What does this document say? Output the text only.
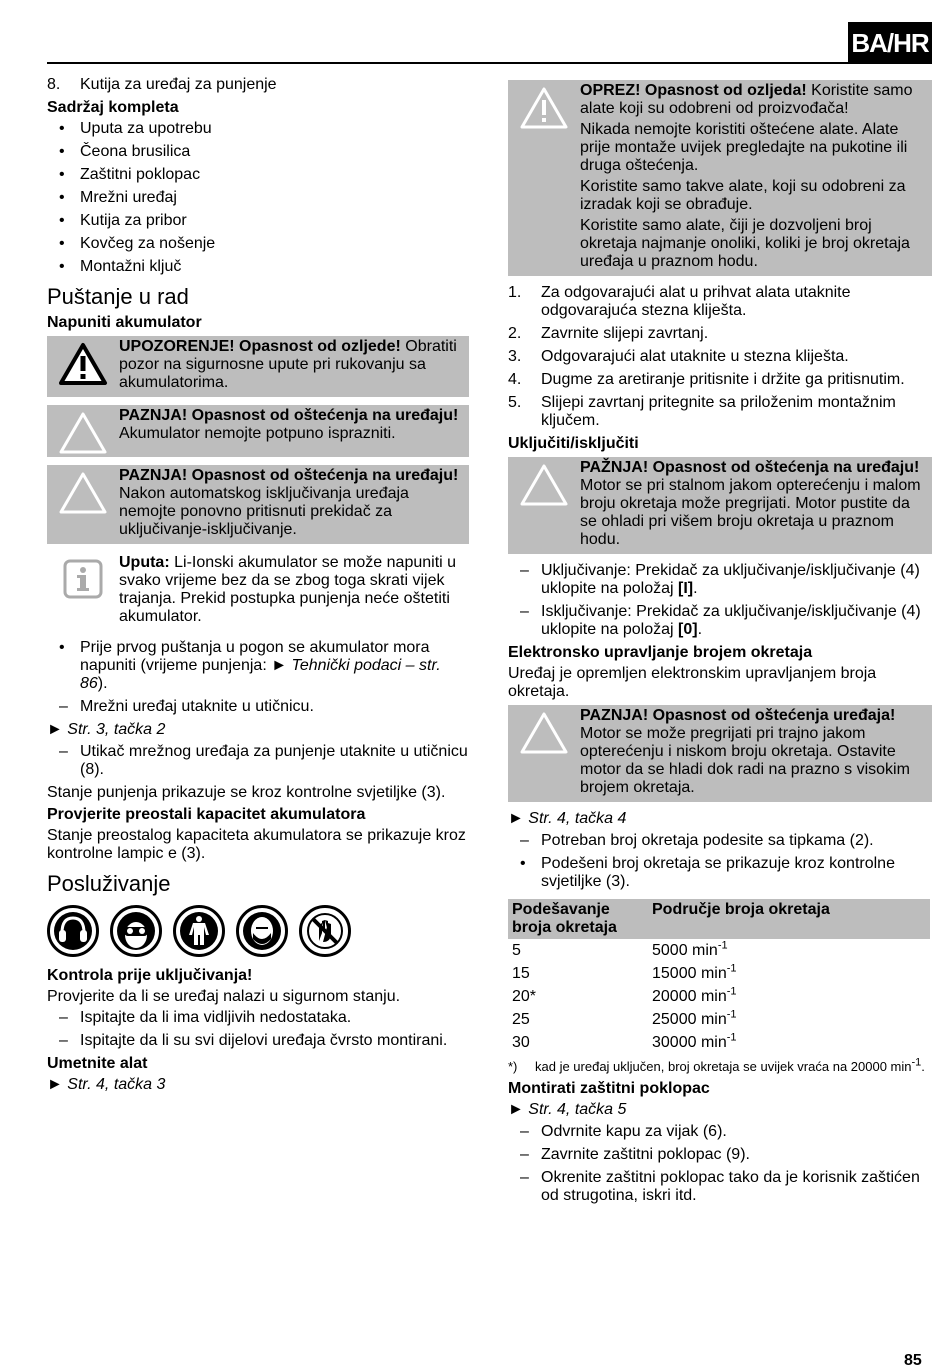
BA/HR
8.	Kutija za uređaj za punjenje
Sadržaj kompleta
• Uputa za upotrebu
• Čeona brusilica
• Zaštitni poklopac
• Mrežni uređaj
• Kutija za pribor
• Kovčeg za nošenje
• Montažni ključ
Puštanje u rad
Napuniti akumulator

UPOZORENJE! Opasnost od ozljede! Obratiti pozor na sigurnosne upute pri rukovanju sa akumulatorima.

PAZNJA! Opasnost od oštećenja na uređaju! Akumulator nemojte potpuno isprazniti.

PAZNJA! Opasnost od oštećenja na uređaju! Nakon automatskog isključivanja uređaja nemojte ponovno pritisnuti prekidač za uključivanje-isključivanje.

Uputa: Li-Ionski akumulator se može napuniti u svako vrijeme bez da se zbog toga skrati vijek trajanja. Prekid postupka punjenja neće oštetiti akumulator.

• Prije prvog puštanja u pogon se akumulator mora napuniti (vrijeme punjenja: ► Tehnički podaci – str. 86).
– Mrežni uređaj utaknite u utičnicu.
► Str. 3, tačka 2
– Utikač mrežnog uređaja za punjenje utaknite u utičnicu (8).

Stanje punjenja prikazuje se kroz kontrolne svjetiljke (3).

Provjerite preostali kapacitet akumulatora

Stanje preostalog kapaciteta akumulatora se prikazuje kroz kontrolne lampic e (3).

Posluživanje
Kontrola prije uključivanja!

Provjerite da li se uređaj nalazi u sigurnom stanju.

– Ispitajte da li ima vidljivih nedostataka.
– Ispitajte da li su svi dijelovi uređaja čvrsto montirani.
Umetnite alat
► Str. 4, tačka 3

OPREZ! Opasnost od ozljeda! Koristite samo alate koji su odobreni od proizvođača!

Nikada nemojte koristiti oštećene alate. Alate prije montaže uvijek pregledajte na pukotine ili druga oštećenja.

Koristite samo takve alate, koji su odobreni za izradak koji se obrađuje.

Koristite samo alate, čiji je dozvoljeni broj okretaja najmanje onoliki, koliki je broj okretaja uređaja u praznom hodu.

1.	Za odgovarajući alat u prihvat alata utaknite odgovarajuća stezna kliješta.
2.	Zavrnite slijepi zavrtanj.
3.	Odgovarajući alat utaknite u stezna kliješta.
4.	Dugme za aretiranje pritisnite i držite ga pritisnutim.
5.	Slijepi zavrtanj pritegnite sa priloženim montažnim ključem.
Uključiti/isključiti

PAŽNJA! Opasnost od oštećenja na uređaju! Motor se pri stalnom jakom opterećenju i malom broju okretaja može pregrijati. Motor pustite da se ohladi pri višem broju okretaja u praznom hodu.

– Uključivanje: Prekidač za uključivanje/isključivanje (4) uklopite na položaj [I].
– Isključivanje: Prekidač za uključivanje/isključivanje (4) uklopite na položaj [0].
Elektronsko upravljanje brojem okretaja

Uređaj je opremljen elektronskim upravljanjem broja okretaja.

PAZNJA! Opasnost od oštećenja uređaja! Motor se može pregrijati pri trajno jakom opterećenju i niskom broju okretaja. Ostavite motor da se hladi dok radi na prazno s visokim brojem okretaja.

► Str. 4, tačka 4
– Potreban broj okretaja podesite sa tipkama (2).
• Podešeni broj okretaja se prikazuje kroz kontrolne svjetiljke (3).
Podešavanje broja okretaja	Područje broja okretaja
5	5000 $\min^{-1}$
15	15000 $\min^{-1}$
20*	20000 $\min^{-1}$
25	25000 $\min^{-1}$
30	30000 $\min^{-1}$
*)	kad je uređaj uključen, broj okretaja se uvijek vraća na 20000 $\min^{-1}$.
Montirati zaštitni poklopac
► Str. 4, tačka 5
– Odvrnite kapu za vijak (6).
– Zavrnite zaštitni poklopac (9).
– Okrenite zaštitni poklopac tako da je korisnik zaštićen od strugotina, iskri itd.
85
